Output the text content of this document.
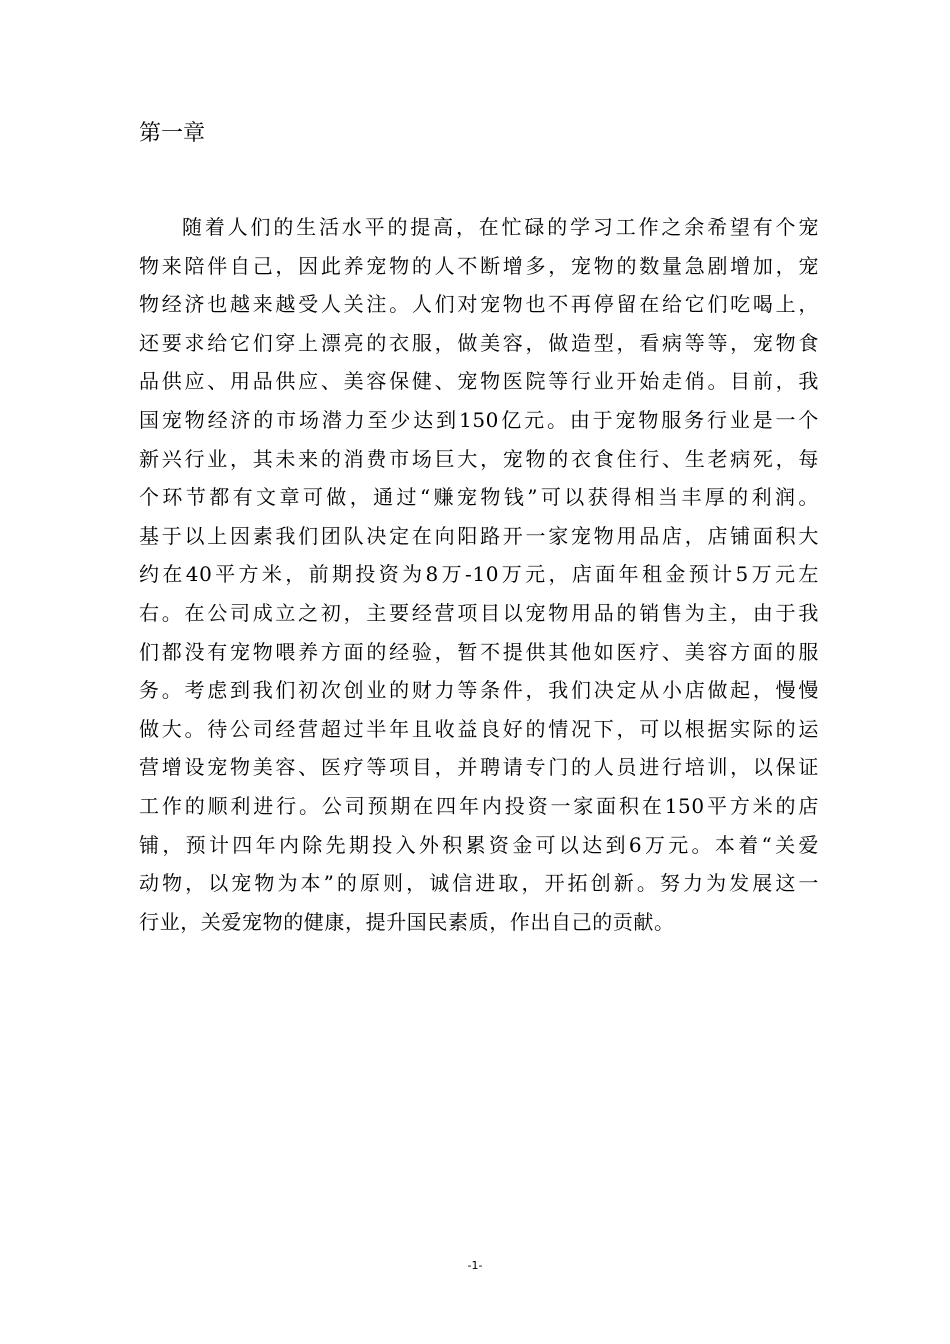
第一章
随着人们的生活水平的提高，在忙碌的学习工作之余希望有个宠
物来陪伴自己，因此养宠物的人不断增多，宠物的数量急剧增加，宠
物经济也越来越受人关注。人们对宠物也不再停留在给它们吃喝上，
还要求给它们穿上漂亮的衣服，做美容，做造型，看病等等，宠物食
品供应、用品供应、美容保健、宠物医院等行业开始走俏。目前，我
国宠物经济的市场潜力至少达到150亿元。由于宠物服务行业是一个
新兴行业，其未来的消费市场巨大，宠物的衣食住行、生老病死，每
个环节都有文章可做，通过“赚宠物钱”可以获得相当丰厚的利润。
基于以上因素我们团队决定在向阳路开一家宠物用品店，店铺面积大
约在40平方米，前期投资为8万-10万元，店面年租金预计5万元左
右。在公司成立之初，主要经营项目以宠物用品的销售为主，由于我
们都没有宠物喂养方面的经验，暂不提供其他如医疗、美容方面的服
务。考虑到我们初次创业的财力等条件，我们决定从小店做起，慢慢
做大。待公司经营超过半年且收益良好的情况下，可以根据实际的运
营增设宠物美容、医疗等项目，并聘请专门的人员进行培训，以保证
工作的顺利进行。公司预期在四年内投资一家面积在150平方米的店
铺，预计四年内除先期投入外积累资金可以达到6万元。本着“关爱
动物，以宠物为本”的原则，诚信进取，开拓创新。努力为发展这一
行业，关爱宠物的健康，提升国民素质，作出自己的贡献。
-1-
